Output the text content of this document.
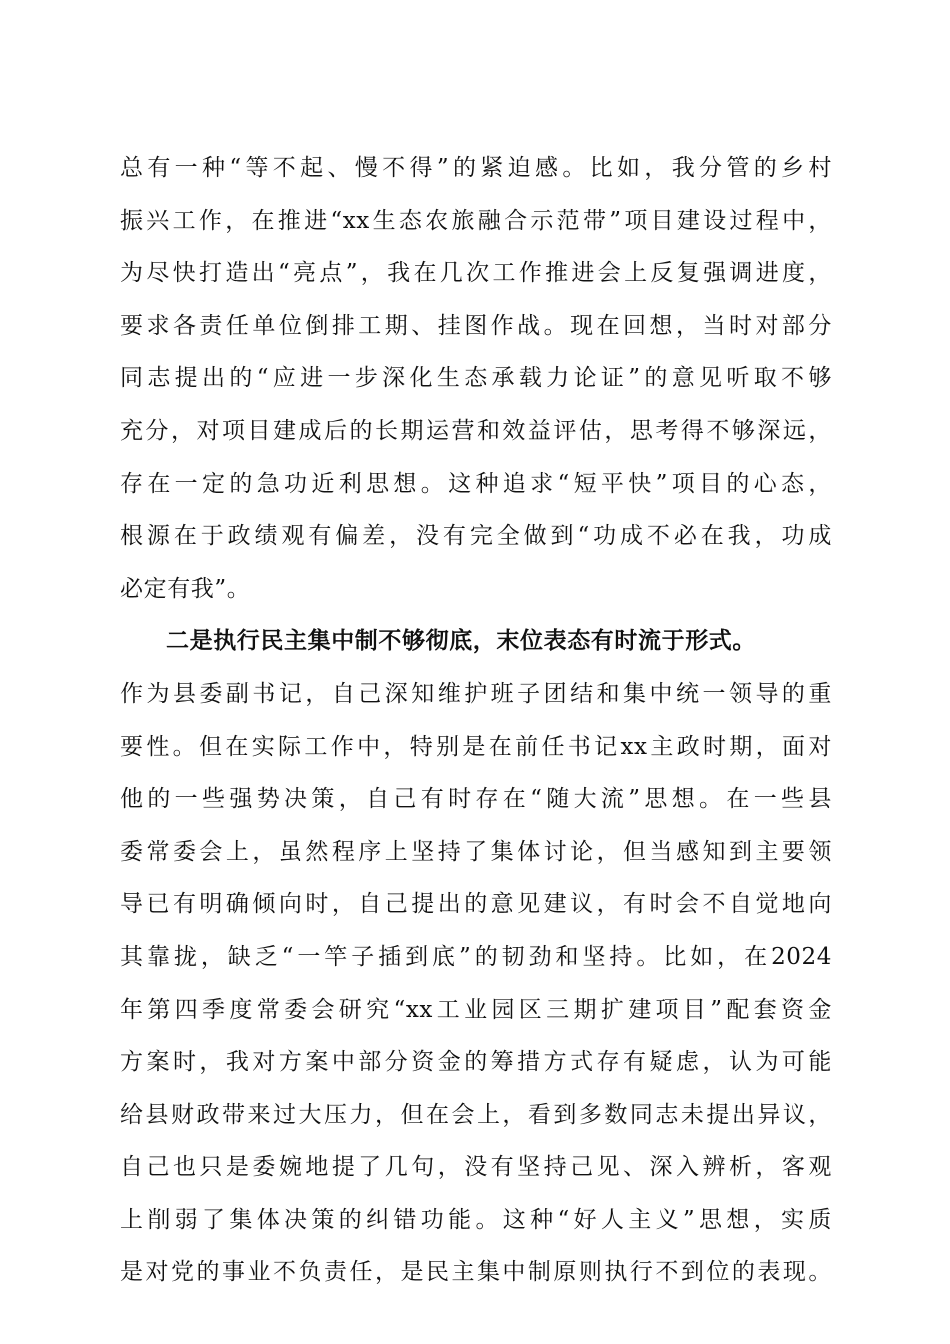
总有一种“等不起、慢不得”的紧迫感。比如，我分管的乡村
振兴工作，在推进“xx生态农旅融合示范带”项目建设过程中，
为尽快打造出“亮点”，我在几次工作推进会上反复强调进度，
要求各责任单位倒排工期、挂图作战。现在回想，当时对部分
同志提出的“应进一步深化生态承载力论证”的意见听取不够
充分，对项目建成后的长期运营和效益评估，思考得不够深远，
存在一定的急功近利思想。这种追求“短平快”项目的心态，
根源在于政绩观有偏差，没有完全做到“功成不必在我，功成
必定有我”。
二是执行民主集中制不够彻底，末位表态有时流于形式。
作为县委副书记，自己深知维护班子团结和集中统一领导的重
要性。但在实际工作中，特别是在前任书记xx主政时期，面对
他的一些强势决策，自己有时存在“随大流”思想。在一些县
委常委会上，虽然程序上坚持了集体讨论，但当感知到主要领
导已有明确倾向时，自己提出的意见建议，有时会不自觉地向
其靠拢，缺乏“一竿子插到底”的韧劲和坚持。比如，在2024
年第四季度常委会研究“xx工业园区三期扩建项目”配套资金
方案时，我对方案中部分资金的筹措方式存有疑虑，认为可能
给县财政带来过大压力，但在会上，看到多数同志未提出异议，
自己也只是委婉地提了几句，没有坚持己见、深入辨析，客观
上削弱了集体决策的纠错功能。这种“好人主义”思想，实质
是对党的事业不负责任，是民主集中制原则执行不到位的表现。
